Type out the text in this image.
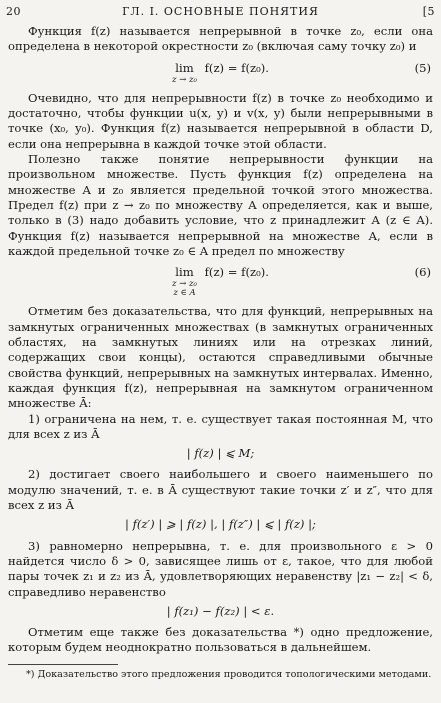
20	ГЛ. I. ОСНОВНЫЕ ПОНЯТИЯ	[5

Функция f(z) называется непрерывной в точке z₀, если она определена в некоторой окрестности z₀ (включая саму точку z₀) и

lim
z → z₀
f(z) = f(z₀).	(5)

Очевидно, что для непрерывности f(z) в точке z₀ необходимо и достаточно, чтобы функции u(x, y) и v(x, y) были непрерывными в точке (x₀, y₀). Функция f(z) называется непрерывной в области D, если она непрерывна в каждой точке этой области.

Полезно также понятие непрерывности функции на произвольном множестве. Пусть функция f(z) определена на множестве A и z₀ является предельной точкой этого множества. Предел f(z) при z → z₀ по множеству A определяется, как и выше, только в (3) надо добавить условие, что z принадлежит A (z ∈ A). Функция f(z) называется непрерывной на множестве A, если в каждой предельной точке z₀ ∈ A предел по множеству

lim
z → z₀
z ∈ A
f(z) = f(z₀).	(6)

Отметим без доказательства, что для функций, непрерывных на замкнутых ограниченных множествах (в замкнутых ограниченных областях, на замкнутых линиях или на отрезках линий, содержащих свои концы), остаются справедливыми обычные свойства функций, непрерывных на замкнутых интервалах. Именно, каждая функция f(z), непрерывная на замкнутом ограниченном множестве Ā:

1) ограничена на нем, т. е. существует такая постоянная M, что для всех z из Ā

| f(z) | ⩽ M;

2) достигает своего наибольшего и своего наименьшего по модулю значений, т. е. в Ā существуют такие точки z′ и z″, что для всех z из Ā

| f(z′) | ⩾ | f(z) |, | f(z″) | ⩽ | f(z) |;

3) равномерно непрерывна, т. е. для произвольного ε > 0 найдется число δ > 0, зависящее лишь от ε, такое, что для любой пары точек z₁ и z₂ из Ā, удовлетворяющих неравенству |z₁ − z₂| < δ, справедливо неравенство

| f(z₁) − f(z₂) | < ε.

Отметим еще также без доказательства *) одно предложение, которым будем неоднократно пользоваться в дальнейшем.

*) Доказательство этого предложения проводится топологическими методами.
